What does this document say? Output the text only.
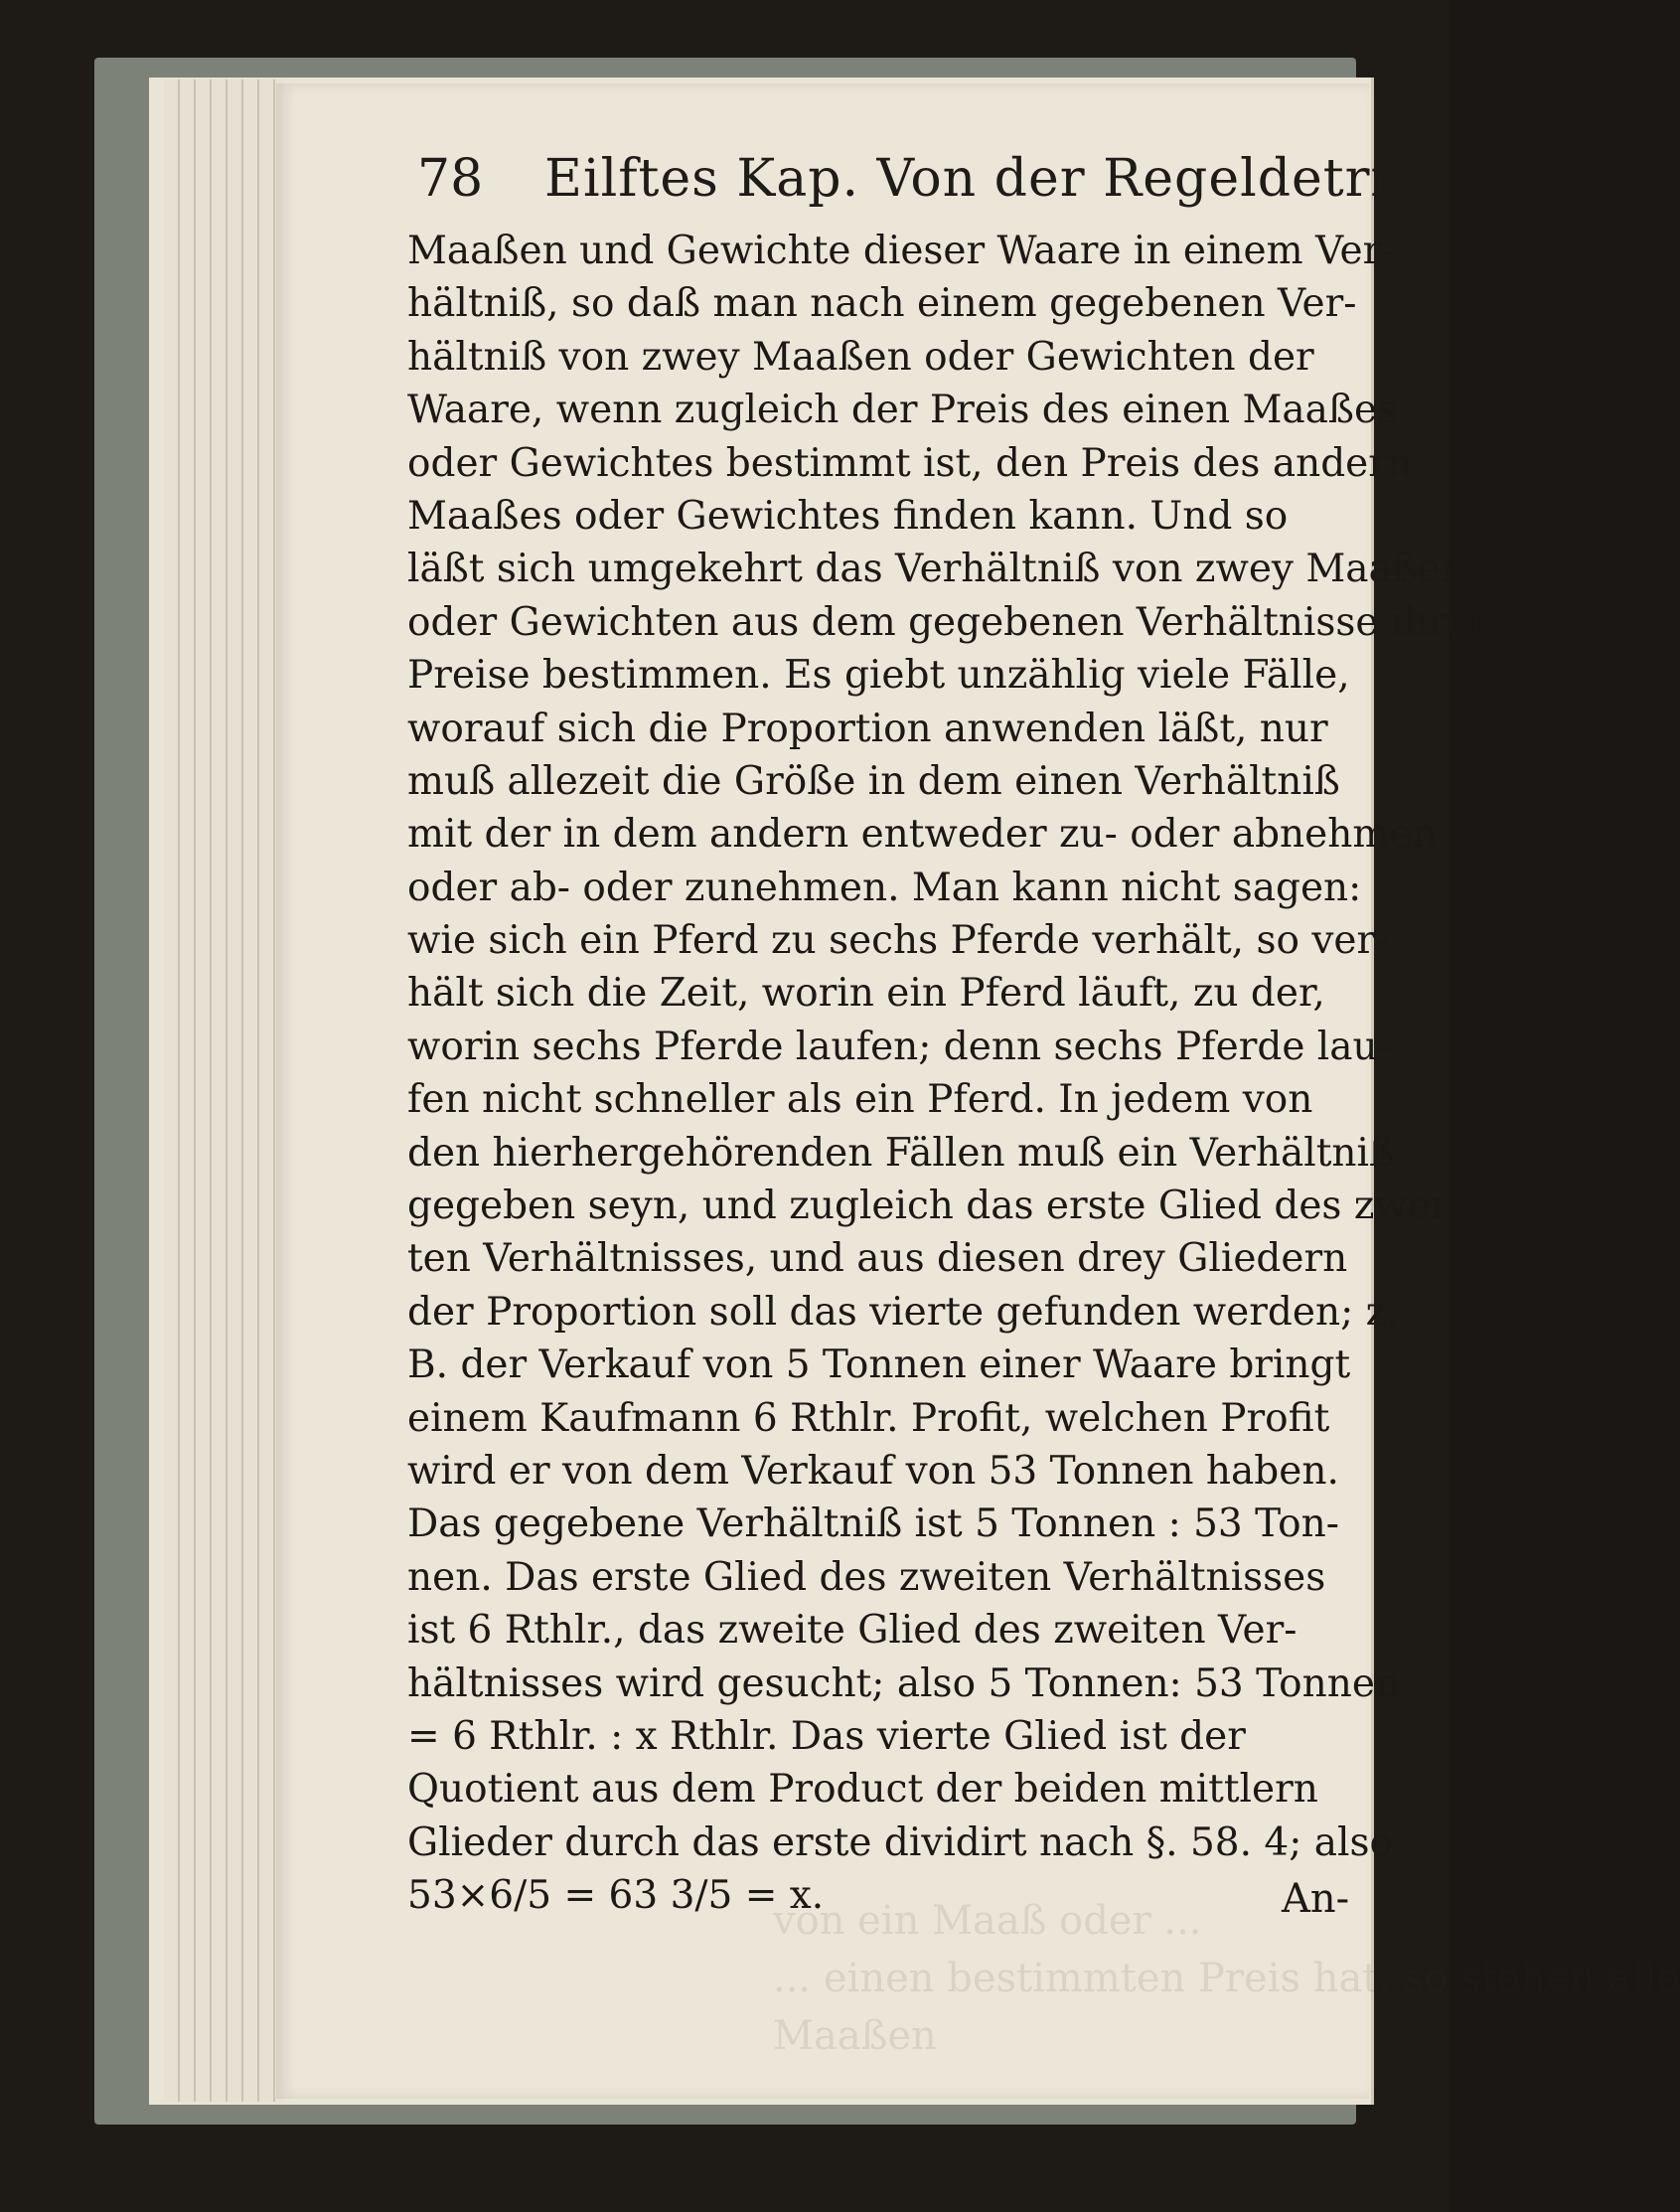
von ein Maaß oder ...
... einen bestimmten Preis hat, so stehen alle
Maaßen
78 Eilftes Kap. Von der Regeldetri.
Maaßen und Gewichte dieser Waare in einem Ver-
hältniß, so daß man nach einem gegebenen Ver-
hältniß von zwey Maaßen oder Gewichten der
Waare, wenn zugleich der Preis des einen Maaßes
oder Gewichtes bestimmt ist, den Preis des andern
Maaßes oder Gewichtes finden kann. Und so
läßt sich umgekehrt das Verhältniß von zwey Maaßen
oder Gewichten aus dem gegebenen Verhältnisse ihrer
Preise bestimmen. Es giebt unzählig viele Fälle,
worauf sich die Proportion anwenden läßt, nur
muß allezeit die Größe in dem einen Verhältniß
mit der in dem andern entweder zu- oder abnehmen
oder ab- oder zunehmen. Man kann nicht sagen:
wie sich ein Pferd zu sechs Pferde verhält, so ver-
hält sich die Zeit, worin ein Pferd läuft, zu der,
worin sechs Pferde laufen; denn sechs Pferde lau-
fen nicht schneller als ein Pferd. In jedem von
den hierhergehörenden Fällen muß ein Verhältniß
gegeben seyn, und zugleich das erste Glied des zwei-
ten Verhältnisses, und aus diesen drey Gliedern
der Proportion soll das vierte gefunden werden; z.
B. der Verkauf von 5 Tonnen einer Waare bringt
einem Kaufmann 6 Rthlr. Profit, welchen Profit
wird er von dem Verkauf von 53 Tonnen haben.
Das gegebene Verhältniß ist 5 Tonnen : 53 Ton-
nen. Das erste Glied des zweiten Verhältnisses
ist 6 Rthlr., das zweite Glied des zweiten Ver-
hältnisses wird gesucht; also 5 Tonnen: 53 Tonnen
= 6 Rthlr. : x Rthlr. Das vierte Glied ist der
Quotient aus dem Product der beiden mittlern
Glieder durch das erste dividirt nach §. 58. 4; also
53×6/5 = 63 3/5 = x.	An-
